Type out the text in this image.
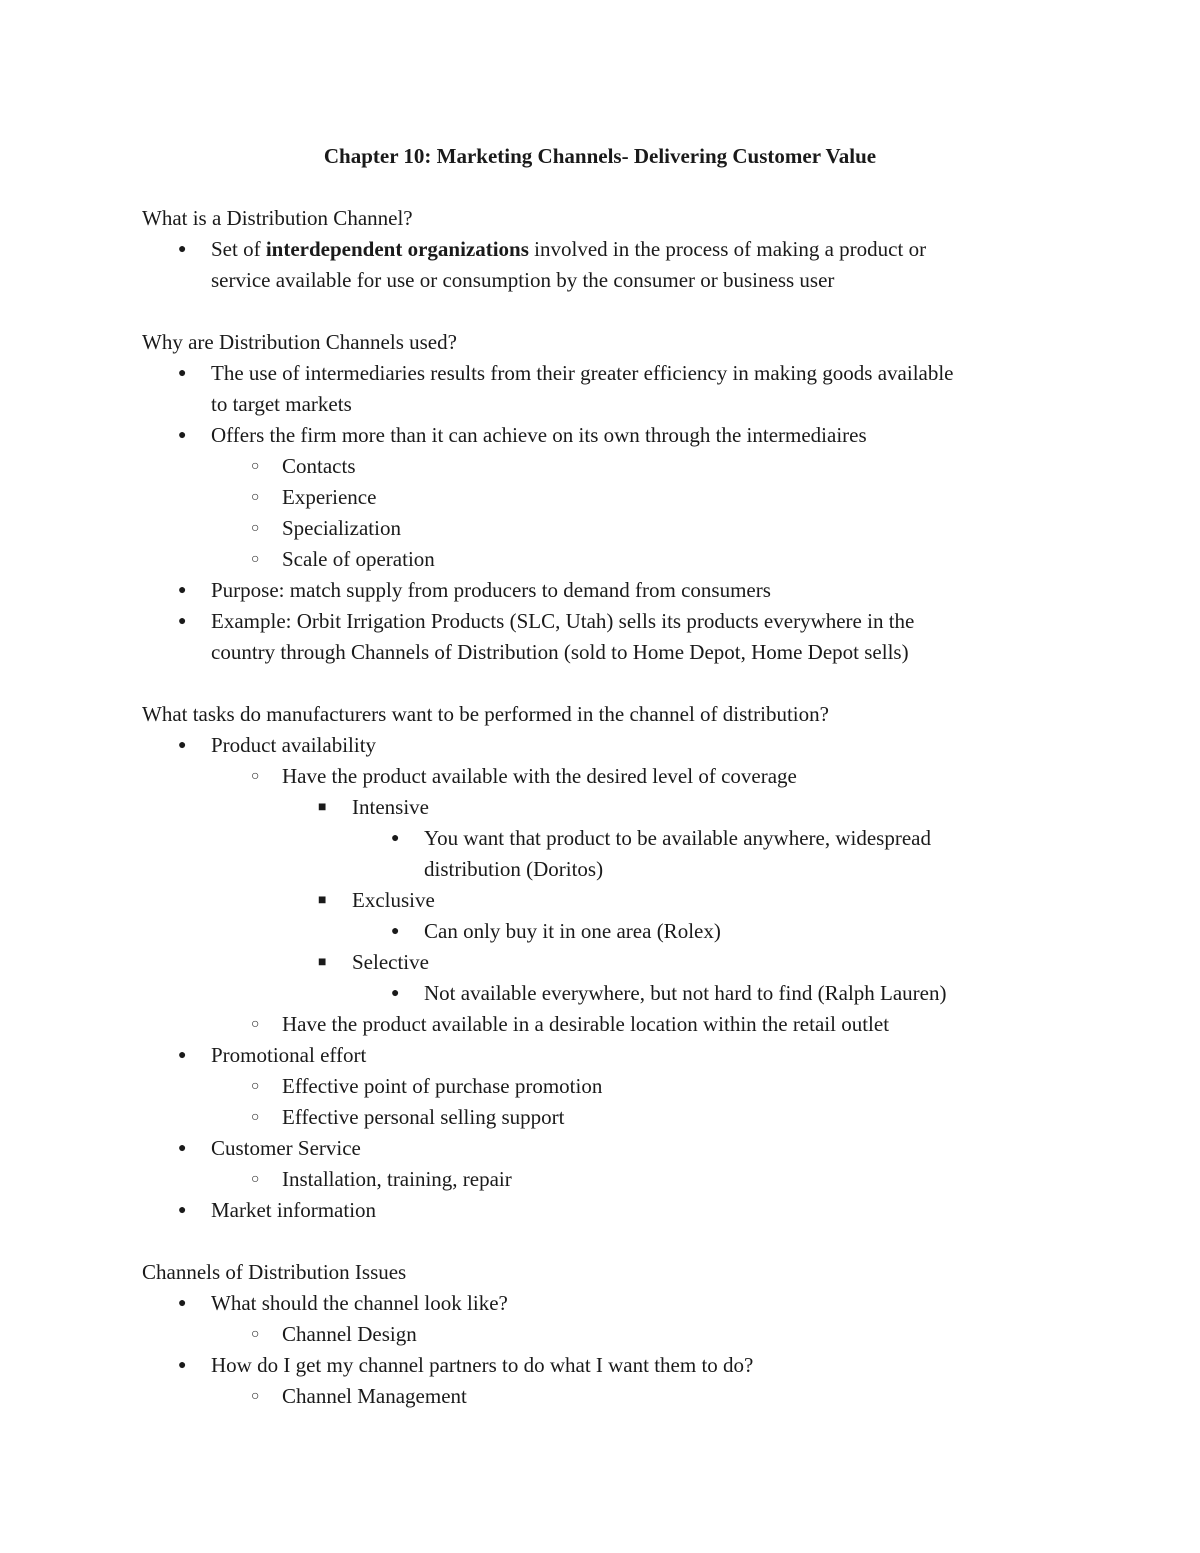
Chapter 10: Marketing Channels- Delivering Customer Value

What is a Distribution Channel?

● Set of interdependent organizations involved in the process of making a product or

service available for use or consumption by the consumer or business user

Why are Distribution Channels used?

● The use of intermediaries results from their greater efficiency in making goods available

to target markets

● Offers the firm more than it can achieve on its own through the intermediaires

○ Contacts

○ Experience

○ Specialization

○ Scale of operation

● Purpose: match supply from producers to demand from consumers

● Example: Orbit Irrigation Products (SLC, Utah) sells its products everywhere in the

country through Channels of Distribution (sold to Home Depot, Home Depot sells)

What tasks do manufacturers want to be performed in the channel of distribution?

● Product availability

○ Have the product available with the desired level of coverage

■ Intensive

● You want that product to be available anywhere, widespread

distribution (Doritos)

■ Exclusive

● Can only buy it in one area (Rolex)

■ Selective

● Not available everywhere, but not hard to find (Ralph Lauren)

○ Have the product available in a desirable location within the retail outlet

● Promotional effort

○ Effective point of purchase promotion

○ Effective personal selling support

● Customer Service

○ Installation, training, repair

● Market information

Channels of Distribution Issues

● What should the channel look like?

○ Channel Design

● How do I get my channel partners to do what I want them to do?

○ Channel Management
